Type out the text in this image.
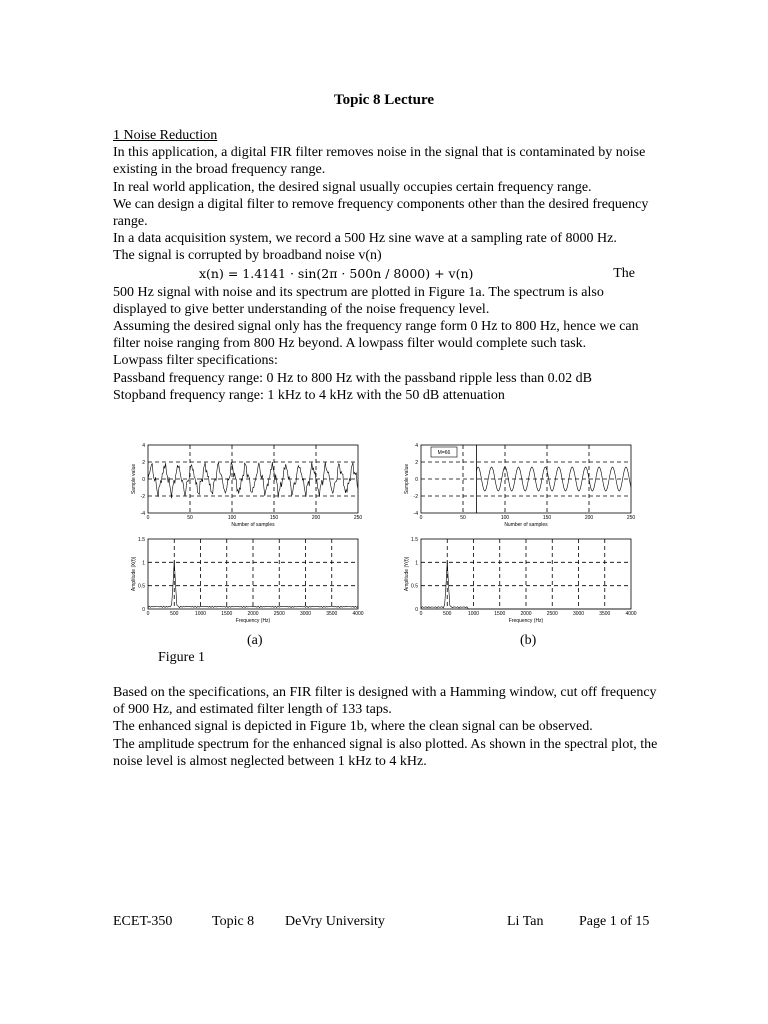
Topic 8 Lecture

1 Noise Reduction

In this application, a digital FIR filter removes noise in the signal that is contaminated by noise existing in the broad frequency range.

In real world application, the desired signal usually occupies certain frequency range.

We can design a digital filter to remove frequency components other than the desired frequency range.

In a data acquisition system, we record a 500 Hz sine wave at a sampling rate of 8000 Hz.

The signal is corrupted by broadband noise v(n)

x(n) = 1.4141 · sin(2π · 500n / 8000) + v(n)	The

500 Hz signal with noise and its spectrum are plotted in Figure 1a. The spectrum is also displayed to give better understanding of the noise frequency level.

Assuming the desired signal only has the frequency range form 0 Hz to 800 Hz, hence we can filter noise ranging from 800 Hz beyond. A lowpass filter would complete such task.

Lowpass filter specifications:

Passband frequency range: 0 Hz to 800 Hz with the passband ripple less than 0.02 dB

Stopband frequency range: 1 kHz to 4 kHz with the 50 dB attenuation

0	50	100	150	200	250
4
2
0
-2
-4
Number of samples
Sample value
0	50	100	150	200	250
4
2
0
-2
-4
Number of samples
Sample value
M=66
0	500	1000	1500	2000	2500	3000	3500	4000
1.5
1
0.5
0
Frequency (Hz)
Amplitude |X(f)|
0	500	1000	1500	2000	2500	3000	3500	4000
1.5
1
0.5
0
Frequency (Hz)
Amplitude |Y(f)|
(a)	(b)
Figure 1

Based on the specifications, an FIR filter is designed with a Hamming window, cut off frequency of 900 Hz, and estimated filter length of 133 taps.

The enhanced signal is depicted in Figure 1b, where the clean signal can be observed.

The amplitude spectrum for the enhanced signal is also plotted. As shown in the spectral plot, the noise level is almost neglected between 1 kHz to 4 kHz.

ECET-350	Topic 8 DeVry University	Li Tan	Page 1 of 15
